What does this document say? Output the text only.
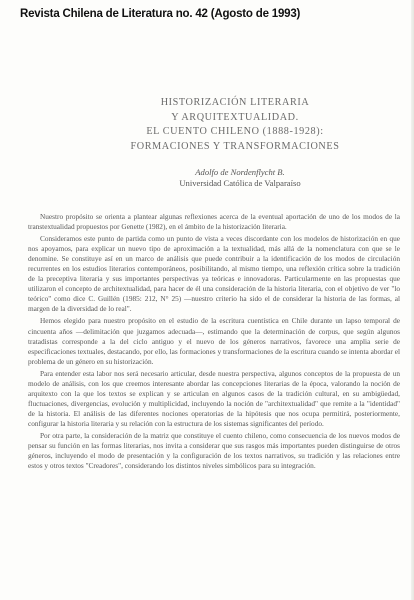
Revista Chilena de Literatura no. 42 (Agosto de 1993)
HISTORIZACIÓN LITERARIA
Y ARQUITEXTUALIDAD.
EL CUENTO CHILENO (1888-1928):
FORMACIONES Y TRANSFORMACIONES
Adolfo de Nordenflycht B.
Universidad Católica de Valparaíso

Nuestro propósito se orienta a plantear algunas reflexiones acerca de la eventual aportación de uno de los modos de la transtextualidad propuestos por Genette (1982), en el ámbito de la historización literaria.

Consideramos este punto de partida como un punto de vista a veces discordante con los modelos de historización en que nos apoyamos, para explicar un nuevo tipo de aproximación a la textualidad, más allá de la nomenclatura con que se le denomine. Se constituye así en un marco de análisis que puede contribuir a la identificación de los modos de circulación recurrentes en los estudios literarios contemporáneos, posibilitando, al mismo tiempo, una reflexión crítica sobre la tradición de la preceptiva literaria y sus importantes perspectivas ya teóricas e innovadoras. Particularmente en las propuestas que utilizaron el concepto de architextualidad, para hacer de él una consideración de la historia literaria, con el objetivo de ver "lo teórico" como dice C. Guillén (1985: 212, N° 25) —nuestro criterio ha sido el de considerar la historia de las formas, al margen de la diversidad de lo real".

Hemos elegido para nuestro propósito en el estudio de la escritura cuentística en Chile durante un lapso temporal de cincuenta años —delimitación que juzgamos adecuada—, estimando que la determinación de corpus, que según algunos tratadistas corresponde a la del ciclo antiguo y el nuevo de los géneros narrativos, favorece una amplia serie de especificaciones textuales, destacando, por ello, las formaciones y transformaciones de la escritura cuando se intenta abordar el problema de un género en su historización.

Para entender esta labor nos será necesario articular, desde nuestra perspectiva, algunos conceptos de la propuesta de un modelo de análisis, con los que creemos interesante abordar las concepciones literarias de la época, valorando la noción de arquitexto con la que los textos se explican y se articulan en algunos casos de la tradición cultural, en su ambigüedad, fluctuaciones, divergencias, evolución y multiplicidad, incluyendo la noción de "architextualidad" que remite a la "identidad" de la historia. El análisis de las diferentes nociones operatorias de la hipótesis que nos ocupa permitirá, posteriormente, configurar la historia literaria y su relación con la estructura de los sistemas significantes del período.

Por otra parte, la consideración de la matriz que constituye el cuento chileno, como consecuencia de los nuevos modos de pensar su función en las formas literarias, nos invita a considerar que sus rasgos más importantes pueden distinguirse de otros géneros, incluyendo el modo de presentación y la configuración de los textos narrativos, su tradición y las relaciones entre estos y otros textos "Creadores", considerando los distintos niveles simbólicos para su integración.
